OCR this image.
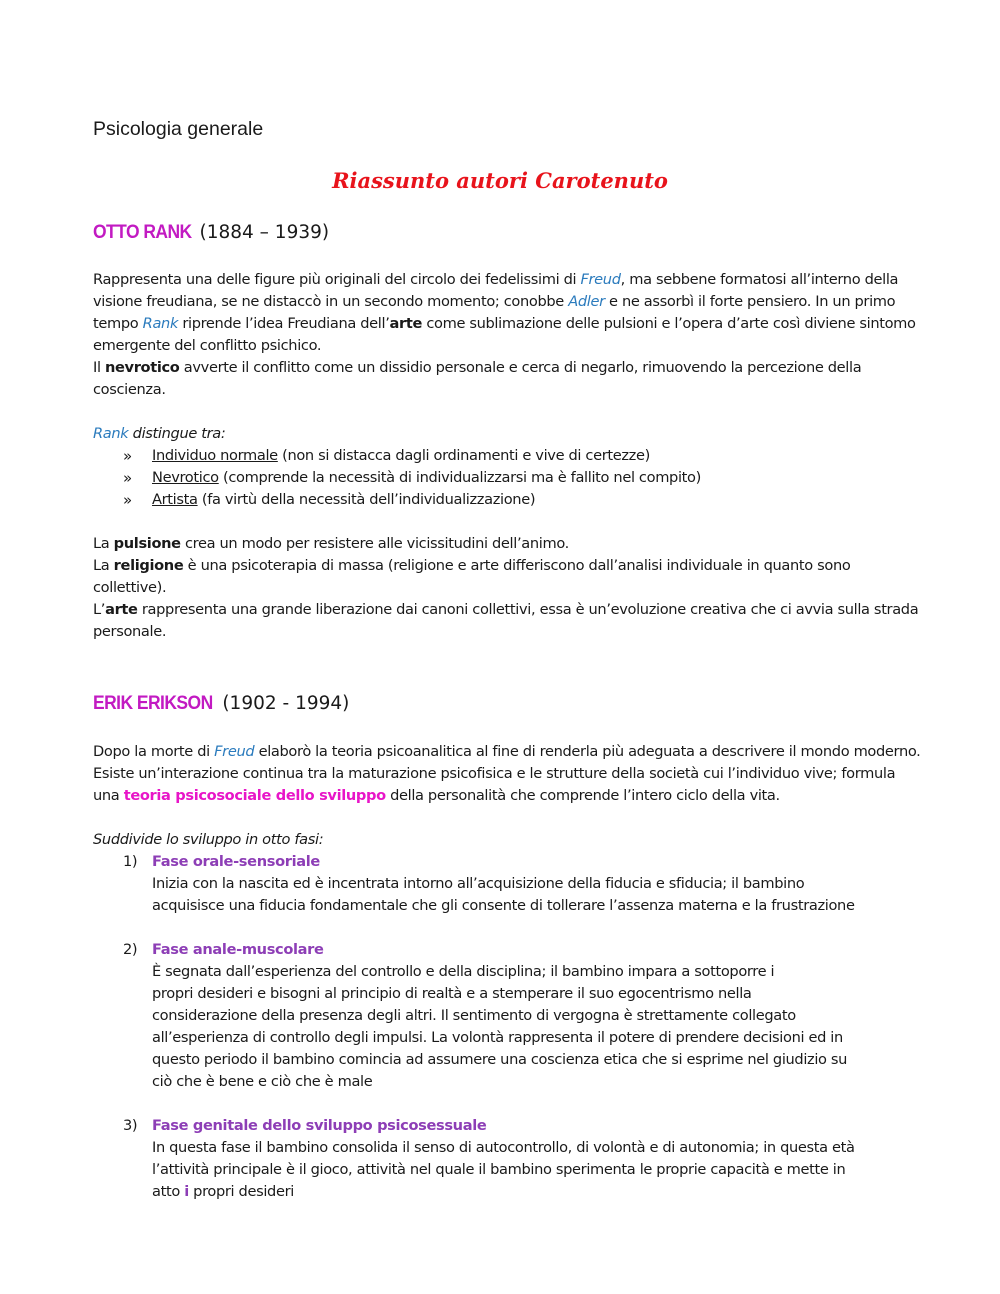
Psicologia generale
Riassunto autori Carotenuto
OTTO RANK (1884 – 1939)

Rappresenta una delle figure più originali del circolo dei fedelissimi di Freud, ma sebbene formatosi all’interno della visione freudiana, se ne distaccò in un secondo momento; conobbe Adler e ne assorbì il forte pensiero. In un primo tempo Rank riprende l’idea Freudiana dell’arte come sublimazione delle pulsioni e l’opera d’arte così diviene sintomo emergente del conflitto psichico.

Il nevrotico avverte il conflitto come un dissidio personale e cerca di negarlo, rimuovendo la percezione della coscienza.

Rank distingue tra:

» Individuo normale (non si distacca dagli ordinamenti e vive di certezze)
» Nevrotico (comprende la necessità di individualizzarsi ma è fallito nel compito)
» Artista (fa virtù della necessità dell’individualizzazione)

La pulsione crea un modo per resistere alle vicissitudini dell’animo.

La religione è una psicoterapia di massa (religione e arte differiscono dall’analisi individuale in quanto sono collettive).

L’arte rappresenta una grande liberazione dai canoni collettivi, essa è un’evoluzione creativa che ci avvia sulla strada personale.

ERIK ERIKSON (1902 - 1994)

Dopo la morte di Freud elaborò la teoria psicoanalitica al fine di renderla più adeguata a descrivere il mondo moderno. Esiste un’interazione continua tra la maturazione psicofisica e le strutture della società cui l’individuo vive; formula una teoria psicosociale dello sviluppo della personalità che comprende l’intero ciclo della vita.

Suddivide lo sviluppo in otto fasi:

1) Fase orale-sensoriale
Inizia con la nascita ed è incentrata intorno all’acquisizione della fiducia e sfiducia; il bambino
acquisisce una fiducia fondamentale che gli consente di tollerare l’assenza materna e la frustrazione

2) Fase anale-muscolare
È segnata dall’esperienza del controllo e della disciplina; il bambino impara a sottoporre i
propri desideri e bisogni al principio di realtà e a stemperare il suo egocentrismo nella
considerazione della presenza degli altri. Il sentimento di vergogna è strettamente collegato
all’esperienza di controllo degli impulsi. La volontà rappresenta il potere di prendere decisioni ed in
questo periodo il bambino comincia ad assumere una coscienza etica che si esprime nel giudizio su
ciò che è bene e ciò che è male

3) Fase genitale dello sviluppo psicosessuale
In questa fase il bambino consolida il senso di autocontrollo, di volontà e di autonomia; in questa età
l’attività principale è il gioco, attività nel quale il bambino sperimenta le proprie capacità e mette in
atto i propri desideri
